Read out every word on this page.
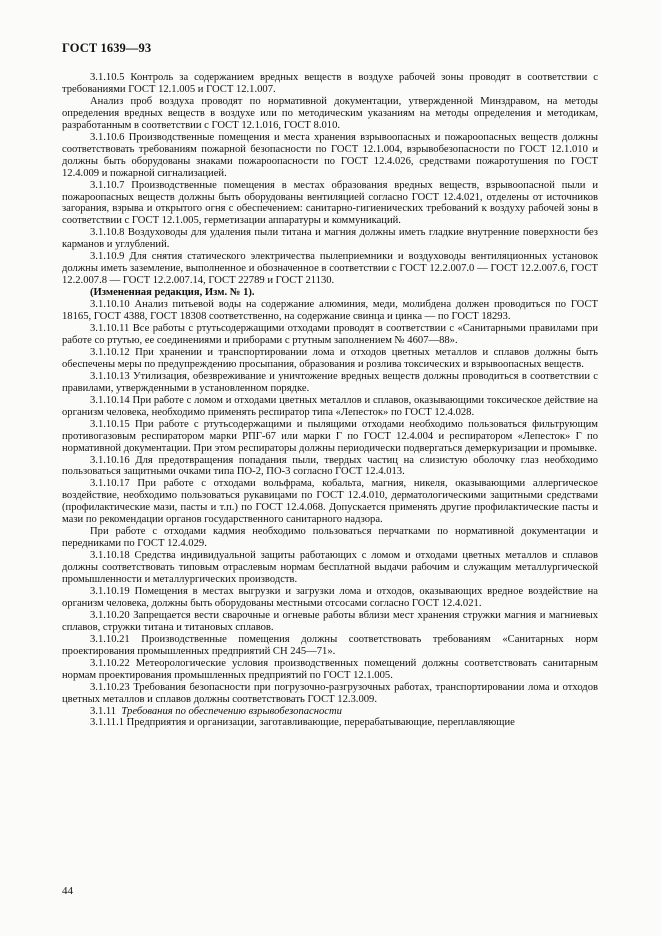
ГОСТ 1639—93

3.1.10.5 Контроль за содержанием вредных веществ в воздухе рабочей зоны проводят в соответствии с требованиями ГОСТ 12.1.005 и ГОСТ 12.1.007.

Анализ проб воздуха проводят по нормативной документации, утвержденной Минздравом, на методы определения вредных веществ в воздухе или по методическим указаниям на методы определения и методикам, разработанным в соответствии с ГОСТ 12.1.016, ГОСТ 8.010.

3.1.10.6 Производственные помещения и места хранения взрывоопасных и пожароопасных веществ должны соответствовать требованиям пожарной безопасности по ГОСТ 12.1.004, взрывобезопасности по ГОСТ 12.1.010 и должны быть оборудованы знаками пожароопасности по ГОСТ 12.4.026, средствами пожаротушения по ГОСТ 12.4.009 и пожарной сигнализацией.

3.1.10.7 Производственные помещения в местах образования вредных веществ, взрывоопасной пыли и пожароопасных веществ должны быть оборудованы вентиляцией согласно ГОСТ 12.4.021, отделены от источников загорания, взрыва и открытого огня с обеспечением: санитарно-гигиенических требований к воздуху рабочей зоны в соответствии с ГОСТ 12.1.005, герметизации аппаратуры и коммуникаций.

3.1.10.8 Воздуховоды для удаления пыли титана и магния должны иметь гладкие внутренние поверхности без карманов и углублений.

3.1.10.9 Для снятия статического электричества пылеприемники и воздуховоды вентиляционных установок должны иметь заземление, выполненное и обозначенное в соответствии с ГОСТ 12.2.007.0 — ГОСТ 12.2.007.6, ГОСТ 12.2.007.8 — ГОСТ 12.2.007.14, ГОСТ 22789 и ГОСТ 21130.

(Измененная редакция, Изм. № 1).

3.1.10.10 Анализ питьевой воды на содержание алюминия, меди, молибдена должен проводиться по ГОСТ 18165, ГОСТ 4388, ГОСТ 18308 соответственно, на содержание свинца и цинка — по ГОСТ 18293.

3.1.10.11 Все работы с ртутьсодержащими отходами проводят в соответствии с «Санитарными правилами при работе со ртутью, ее соединениями и приборами с ртутным заполнением № 4607—88».

3.1.10.12 При хранении и транспортировании лома и отходов цветных металлов и сплавов должны быть обеспечены меры по предупреждению просыпания, образования и розлива токсических и взрывоопасных веществ.

3.1.10.13 Утилизация, обезвреживание и уничтожение вредных веществ должны проводиться в соответствии с правилами, утвержденными в установленном порядке.

3.1.10.14 При работе с ломом и отходами цветных металлов и сплавов, оказывающими токсическое действие на организм человека, необходимо применять респиратор типа «Лепесток» по ГОСТ 12.4.028.

3.1.10.15 При работе с ртутьсодержащими и пылящими отходами необходимо пользоваться фильтрующим противогазовым респиратором марки РПГ-67 или марки Г по ГОСТ 12.4.004 и респиратором «Лепесток» Г по нормативной документации. При этом респираторы должны периодически подвергаться демеркуризации и промывке.

3.1.10.16 Для предотвращения попадания пыли, твердых частиц на слизистую оболочку глаз необходимо пользоваться защитными очками типа ПО-2, ПО-3 согласно ГОСТ 12.4.013.

3.1.10.17 При работе с отходами вольфрама, кобальта, магния, никеля, оказывающими аллергическое воздействие, необходимо пользоваться рукавицами по ГОСТ 12.4.010, дерматологическими защитными средствами (профилактические мази, пасты и т.п.) по ГОСТ 12.4.068. Допускается применять другие профилактические пасты и мази по рекомендации органов государственного санитарного надзора.

При работе с отходами кадмия необходимо пользоваться перчатками по нормативной документации и передниками по ГОСТ 12.4.029.

3.1.10.18 Средства индивидуальной защиты работающих с ломом и отходами цветных металлов и сплавов должны соответствовать типовым отраслевым нормам бесплатной выдачи рабочим и служащим металлургической промышленности и металлургических производств.

3.1.10.19 Помещения в местах выгрузки и загрузки лома и отходов, оказывающих вредное воздействие на организм человека, должны быть оборудованы местными отсосами согласно ГОСТ 12.4.021.

3.1.10.20 Запрещается вести сварочные и огневые работы вблизи мест хранения стружки магния и магниевых сплавов, стружки титана и титановых сплавов.

3.1.10.21 Производственные помещения должны соответствовать требованиям «Санитарных норм проектирования промышленных предприятий СН 245—71».

3.1.10.22 Метеорологические условия производственных помещений должны соответствовать санитарным нормам проектирования промышленных предприятий по ГОСТ 12.1.005.

3.1.10.23 Требования безопасности при погрузочно-разгрузочных работах, транспортировании лома и отходов цветных металлов и сплавов должны соответствовать ГОСТ 12.3.009.

3.1.11 Требования по обеспечению взрывобезопасности

3.1.11.1 Предприятия и организации, заготавливающие, перерабатывающие, переплавляющие

44
